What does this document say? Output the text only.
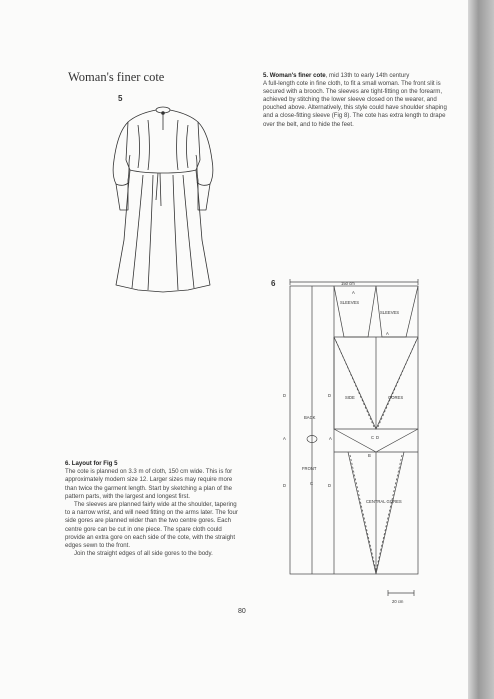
Woman's finer cote
5
5. Woman's finer cote, mid 13th to early 14th century
A full-length cote in fine cloth, to fit a small woman. The front slit is secured with a brooch. The sleeves are tight-fitting on the forearm, achieved by stitching the lower sleeve closed on the wearer, and pouched above. Alternatively, this style could have shoulder shaping and a close-fitting sleeve (Fig 8). The cote has extra length to drape over the belt, and to hide the feet.

6. Layout for Fig 5

The cote is planned on 3.3 m of cloth, 150 cm wide. This is for approximately modern size 12. Larger sizes may require more than twice the garment length. Start by sketching a plan of the pattern parts, with the largest and longest first.

The sleeves are planned fairly wide at the shoulder, tapering to a narrow wrist, and will need fitting on the arms later. The four side gores are planned wider than the two centre gores. Each centre gore can be cut in one piece. The spare cloth could provide an extra gore on each side of the cote, with the straight edges sewn to the front.

Join the straight edges of all side gores to the body.

6	150 cm
SLEEVES
SLEEVES
A
A
BACK
FRONT
D	D
D	D
A	A
C
SIDE	GORES
C D
CENTRAL GORES
B
20 cm
80
